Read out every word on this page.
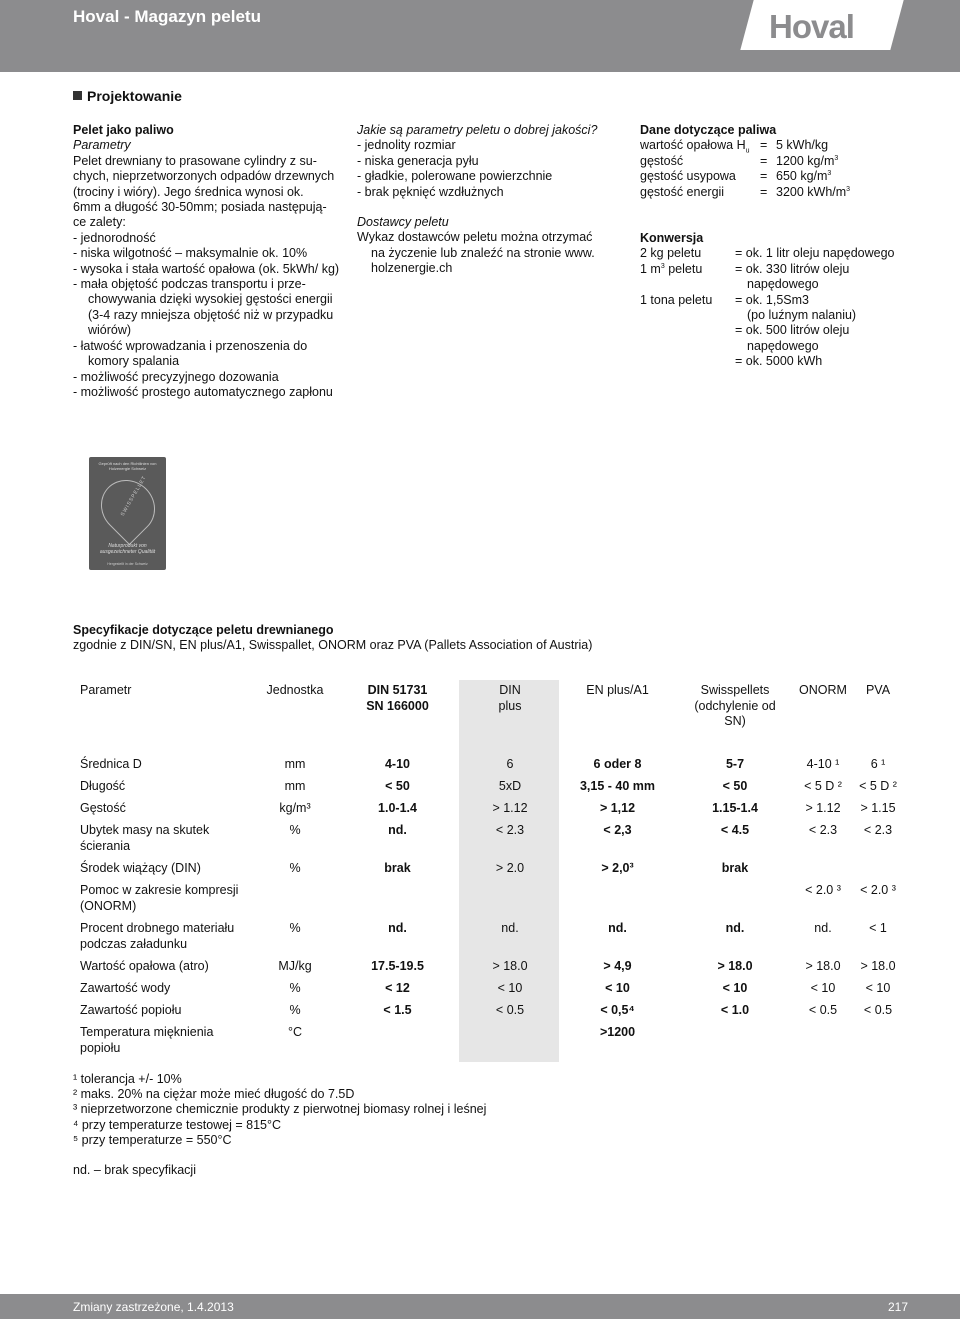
Hoval - Magazyn peletu	Hoval
Projektowanie
Pelet jako paliwo
Parametry
Pelet drewniany to prasowane cylindry z su-
chych, nieprzetworzonych odpadów drzewnych
(trociny i wióry). Jego średnica wynosi ok.
6mm a długość 30-50mm; posiada następują-
ce zalety:
- jednorodność
- niska wilgotność – maksymalnie ok. 10%
- wysoka i stała wartość opałowa (ok. 5kWh/ kg)
- mała objętość podczas transportu i przechowywania dzięki wysokiej gęstości energii (3-4 razy mniejsza objętość niż w przypadku wiórów)
- łatwość wprowadzania i przenoszenia do komory spalania
- możliwość precyzyjnego dozowania
- możliwość prostego automatycznego zapłonu
Jakie są parametry peletu o dobrej jakości?
- jednolity rozmiar
- niska generacja pyłu
- gładkie, polerowane powierzchnie
- brak pęknięć wzdłużnych
Dostawcy peletu
Wykaz dostawców peletu można otrzymać
na życzenie lub znaleźć na stronie www.
holzenergie.ch
Dane dotyczące paliwa
wartość opałowa $H_u = 5$ kWh/kg
gęstość	= 1200 $kg/m^3$
gęstość usypowa	= 650 $kg/m^3$
gęstość energii	= 3200 kWh/$m^3$
Konwersja
2 kg peletu	= ok. 1 litr oleju napędowego
1 $m^3$ peletu	= ok. 330 litrów oleju
napędowego
1 tona peletu	= ok. 1,5Sm3
(po luźnym nalaniu)
= ok. 500 litrów oleju
napędowego
= ok. 5000 kWh
Geprüft nach den Richtlinien von Holzenergie Schweiz
SWISSPELLET
Naturprodukt von ausgezeichneter Qualität
Hergestellt in der Schweiz
Specyfikacje dotyczące peletu drewnianego
zgodnie z DIN/SN, EN plus/A1, Swisspallet, ONORM oraz PVA (Pallets Association of Austria)
Parametr	Jednostka	DIN 51731
SN 166000	DIN
plus	EN plus/A1	Swisspellets
(odchylenie od
SN)	ONORM	PVA
Średnica D	mm	4-10	6	6 oder 8	5-7	4-10 ¹	6 ¹
Długość	mm	< 50	5xD	3,15 - 40 mm	< 50	< 5 D ²	< 5 D ²
Gęstość	kg/m³	1.0-1.4	> 1.12	> 1,12	1.15-1.4	> 1.12	> 1.15
Ubytek masy na skutek ścierania	%	nd.	< 2.3	< 2,3	< 4.5	< 2.3	< 2.3
Środek wiążący (DIN)	%	brak	> 2.0	> 2,0³	brak		
Pomoc w zakresie kompresji (ONORM)						< 2.0 ³	< 2.0 ³
Procent drobnego materiału podczas załadunku	%	nd.	nd.	nd.	nd.	nd.	< 1
Wartość opałowa (atro)	MJ/kg	17.5-19.5	> 18.0	> 4,9	> 18.0	> 18.0	> 18.0
Zawartość wody	%	< 12	< 10	< 10	< 10	< 10	< 10
Zawartość popiołu	%	< 1.5	< 0.5	< 0,5⁴	< 1.0	< 0.5	< 0.5
Temperatura mięknienia popiołu	°C			>1200			
¹ tolerancja +/- 10%
² maks. 20% na ciężar może mieć długość do 7.5D
³ nieprzetworzone chemicznie produkty z pierwotnej biomasy rolnej i leśnej
⁴ przy temperaturze testowej = 815°C
⁵ przy temperaturze = 550°C
nd. – brak specyfikacji
Zmiany zastrzeżone, 1.4.2013	217
